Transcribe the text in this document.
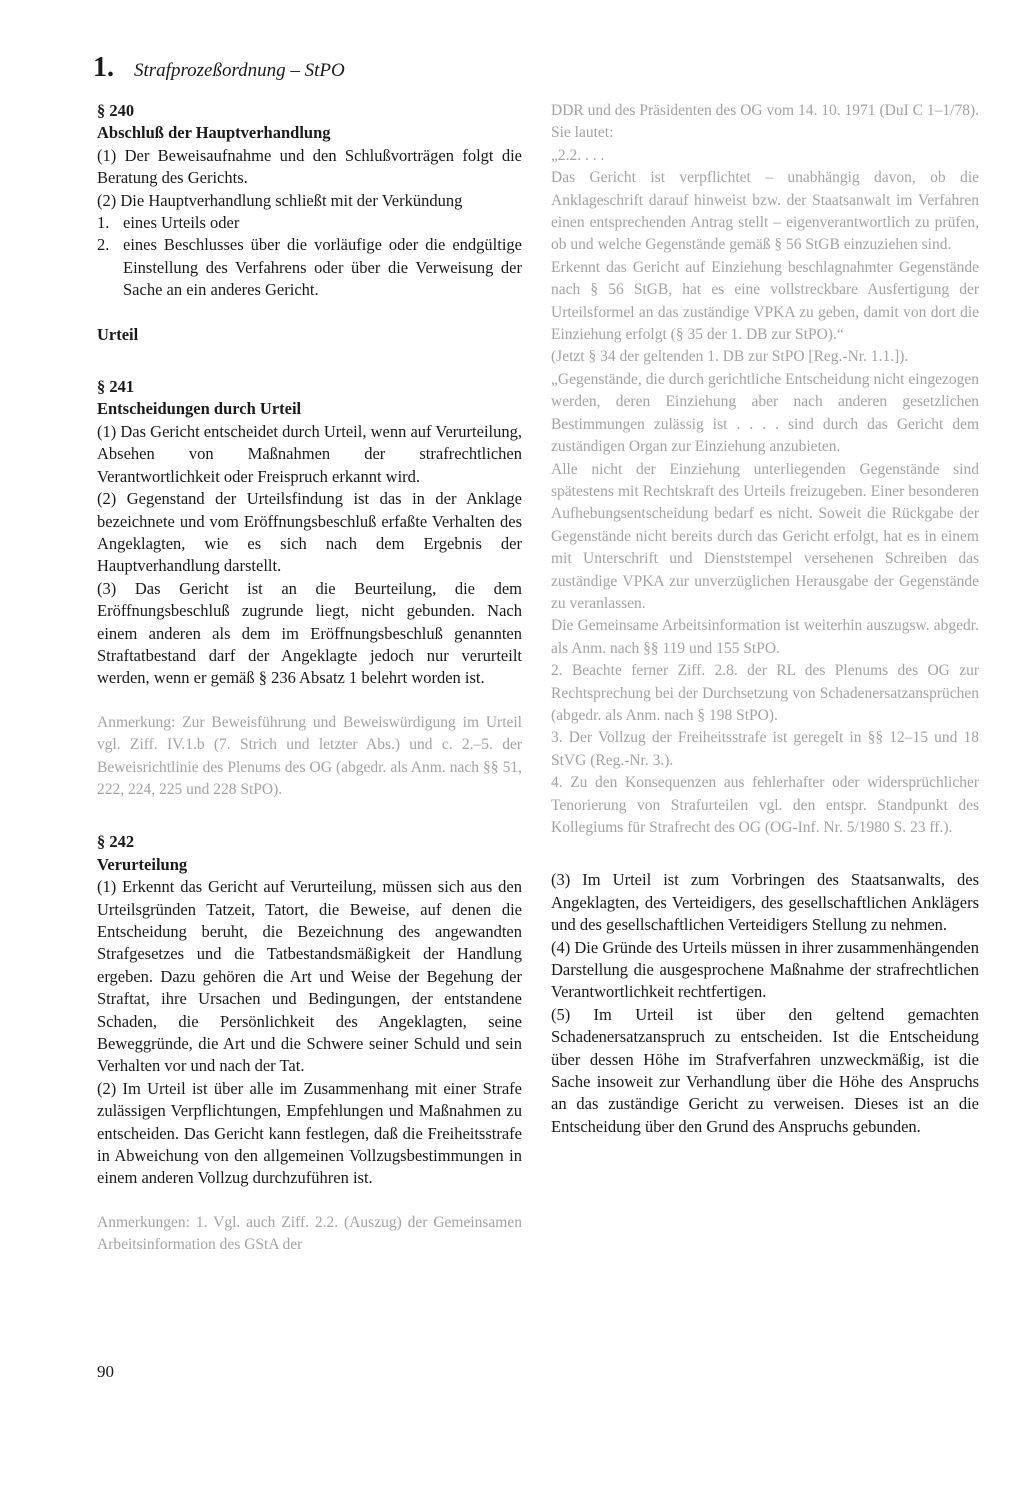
1. Strafprozeßordnung – StPO

§ 240

Abschluß der Hauptverhandlung

(1) Der Beweisaufnahme und den Schlußvorträgen folgt die Beratung des Gerichts.

(2) Die Hauptverhandlung schließt mit der Verkündung

1. eines Urteils oder
2. eines Beschlusses über die vorläufige oder die endgültige Einstellung des Verfahrens oder über die Verweisung der Sache an ein anderes Gericht.

Urteil

§ 241

Entscheidungen durch Urteil

(1) Das Gericht entscheidet durch Urteil, wenn auf Verurteilung, Absehen von Maßnahmen der strafrechtlichen Verantwortlichkeit oder Freispruch erkannt wird.

(2) Gegenstand der Urteilsfindung ist das in der Anklage bezeichnete und vom Eröffnungsbeschluß erfaßte Verhalten des Angeklagten, wie es sich nach dem Ergebnis der Hauptverhandlung darstellt.

(3) Das Gericht ist an die Beurteilung, die dem Eröffnungsbeschluß zugrunde liegt, nicht gebunden. Nach einem anderen als dem im Eröffnungsbeschluß genannten Straftatbestand darf der Angeklagte jedoch nur verurteilt werden, wenn er gemäß § 236 Absatz 1 belehrt worden ist.

Anmerkung: Zur Beweisführung und Beweiswürdigung im Urteil vgl. Ziff. IV.1.b (7. Strich und letzter Abs.) und c. 2.–5. der Beweisrichtlinie des Plenums des OG (abgedr. als Anm. nach §§ 51, 222, 224, 225 und 228 StPO).

§ 242

Verurteilung

(1) Erkennt das Gericht auf Verurteilung, müssen sich aus den Urteilsgründen Tatzeit, Tatort, die Beweise, auf denen die Entscheidung beruht, die Bezeichnung des angewandten Strafgesetzes und die Tatbestandsmäßigkeit der Handlung ergeben. Dazu gehören die Art und Weise der Begehung der Straftat, ihre Ursachen und Bedingungen, der entstandene Schaden, die Persönlichkeit des Angeklagten, seine Beweggründe, die Art und die Schwere seiner Schuld und sein Verhalten vor und nach der Tat.

(2) Im Urteil ist über alle im Zusammenhang mit einer Strafe zulässigen Verpflichtungen, Empfehlungen und Maßnahmen zu entscheiden. Das Gericht kann festlegen, daß die Freiheitsstrafe in Abweichung von den allgemeinen Vollzugsbestimmungen in einem anderen Vollzug durchzuführen ist.

Anmerkungen: 1. Vgl. auch Ziff. 2.2. (Auszug) der Gemeinsamen Arbeitsinformation des GStA der

DDR und des Präsidenten des OG vom 14. 10. 1971 (DuI C 1–1/78). Sie lautet:

„2.2. . . .

Das Gericht ist verpflichtet – unabhängig davon, ob die Anklageschrift darauf hinweist bzw. der Staatsanwalt im Verfahren einen entsprechenden Antrag stellt – eigenverantwortlich zu prüfen, ob und welche Gegenstände gemäß § 56 StGB einzuziehen sind.

Erkennt das Gericht auf Einziehung beschlagnahmter Gegenstände nach § 56 StGB, hat es eine vollstreckbare Ausfertigung der Urteilsformel an das zuständige VPKA zu geben, damit von dort die Einziehung erfolgt (§ 35 der 1. DB zur StPO).“

(Jetzt § 34 der geltenden 1. DB zur StPO [Reg.-Nr. 1.1.]).

„Gegenstände, die durch gerichtliche Entscheidung nicht eingezogen werden, deren Einziehung aber nach anderen gesetzlichen Bestimmungen zulässig ist . . . . sind durch das Gericht dem zuständigen Organ zur Einziehung anzubieten.

Alle nicht der Einziehung unterliegenden Gegenstände sind spätestens mit Rechtskraft des Urteils freizugeben. Einer besonderen Aufhebungsentscheidung bedarf es nicht. Soweit die Rückgabe der Gegenstände nicht bereits durch das Gericht erfolgt, hat es in einem mit Unterschrift und Dienststempel versehenen Schreiben das zuständige VPKA zur unverzüglichen Herausgabe der Gegenstände zu veranlassen.

Die Gemeinsame Arbeitsinformation ist weiterhin auszugsw. abgedr. als Anm. nach §§ 119 und 155 StPO.

2. Beachte ferner Ziff. 2.8. der RL des Plenums des OG zur Rechtsprechung bei der Durchsetzung von Schadenersatzansprüchen (abgedr. als Anm. nach § 198 StPO).

3. Der Vollzug der Freiheitsstrafe ist geregelt in §§ 12–15 und 18 StVG (Reg.-Nr. 3.).

4. Zu den Konsequenzen aus fehlerhafter oder widersprüchlicher Tenorierung von Strafurteilen vgl. den entspr. Standpunkt des Kollegiums für Strafrecht des OG (OG-Inf. Nr. 5/1980 S. 23 ff.).

(3) Im Urteil ist zum Vorbringen des Staatsanwalts, des Angeklagten, des Verteidigers, des gesellschaftlichen Anklägers und des gesellschaftlichen Verteidigers Stellung zu nehmen.

(4) Die Gründe des Urteils müssen in ihrer zusammenhängenden Darstellung die ausgesprochene Maßnahme der strafrechtlichen Verantwortlichkeit rechtfertigen.

(5) Im Urteil ist über den geltend gemachten Schadenersatzanspruch zu entscheiden. Ist die Entscheidung über dessen Höhe im Strafverfahren unzweckmäßig, ist die Sache insoweit zur Verhandlung über die Höhe des Anspruchs an das zuständige Gericht zu verweisen. Dieses ist an die Entscheidung über den Grund des Anspruchs gebunden.

90
